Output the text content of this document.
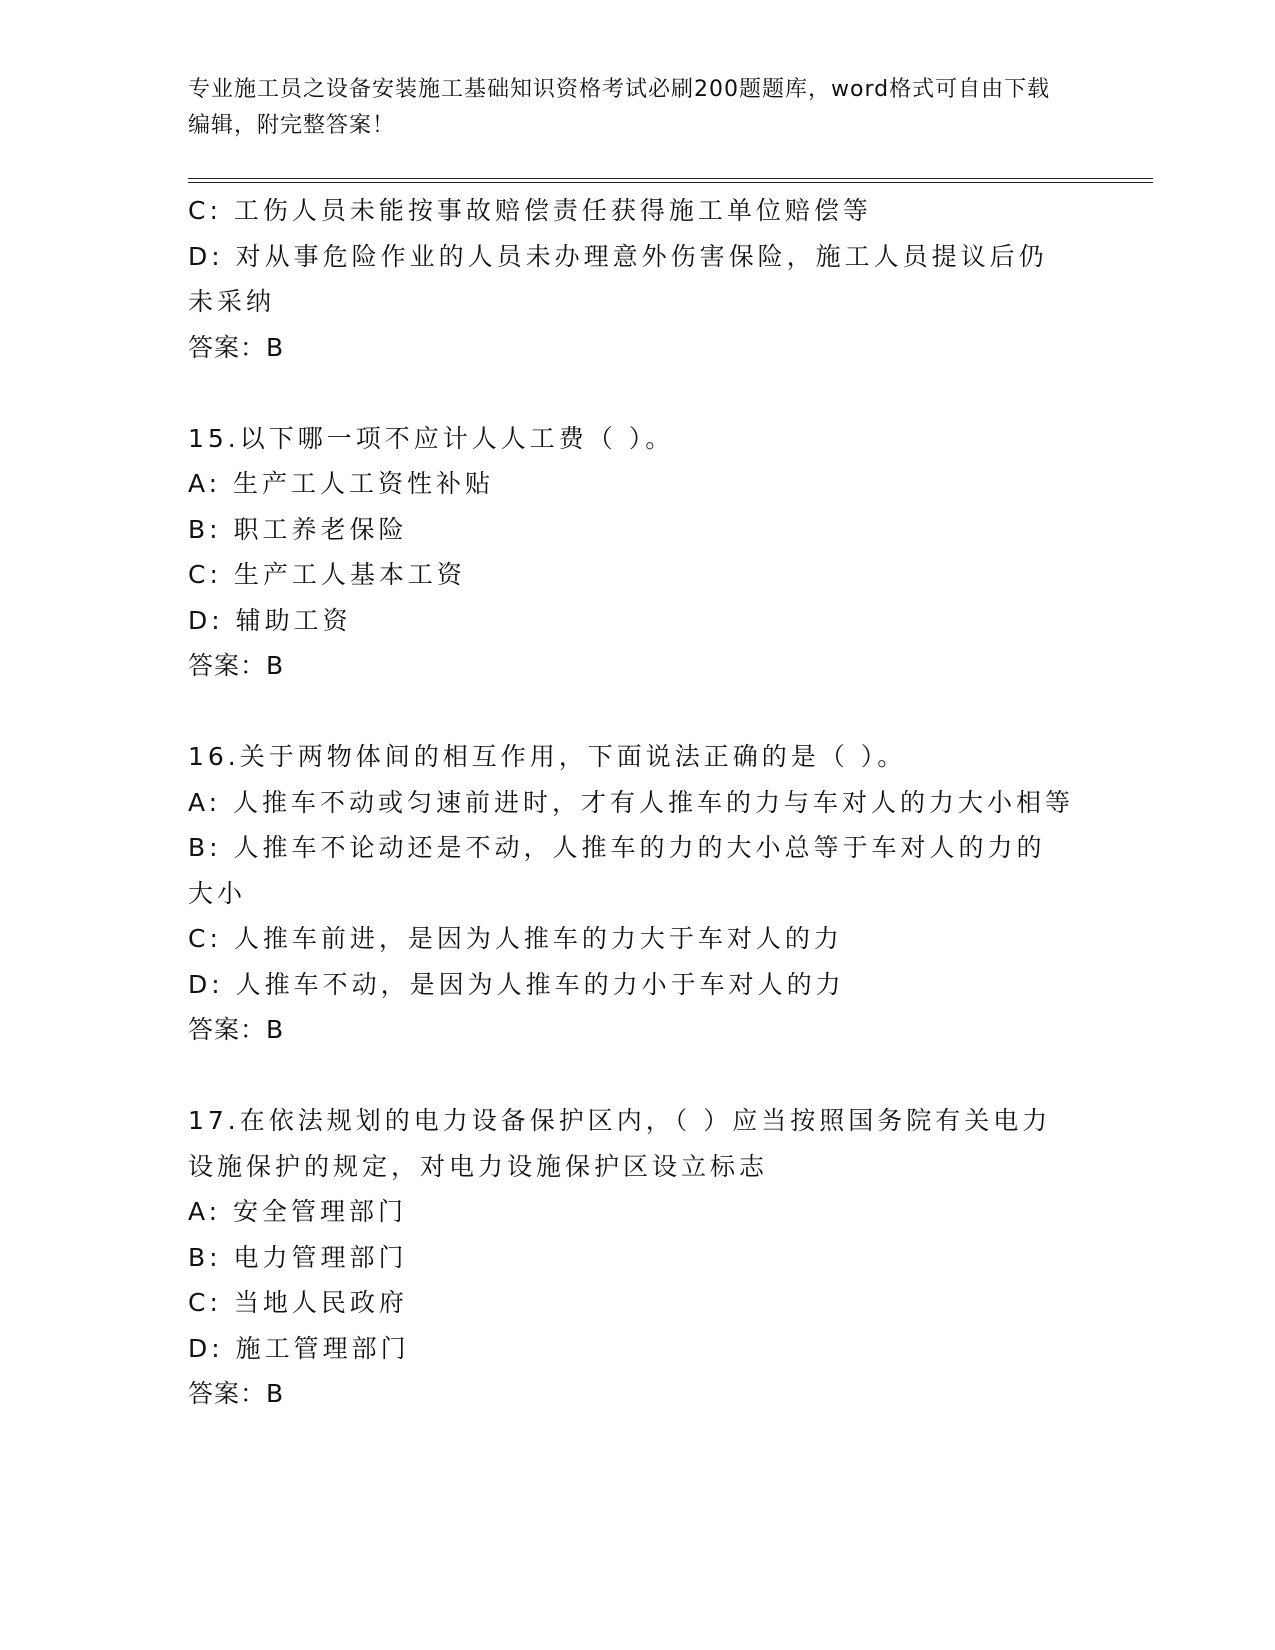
专业施工员之设备安装施工基础知识资格考试必刷200题题库，word格式可自由下载编辑，附完整答案！
C: 工伤人员未能按事故赔偿责任获得施工单位赔偿等
D: 对从事危险作业的人员未办理意外伤害保险，施工人员提议后仍未采纳
答案：B
15.以下哪一项不应计人人工费（ ）。
A: 生产工人工资性补贴
B: 职工养老保险
C: 生产工人基本工资
D: 辅助工资
答案：B
16.关于两物体间的相互作用，下面说法正确的是（ ）。
A: 人推车不动或匀速前进时，才有人推车的力与车对人的力大小相等
B: 人推车不论动还是不动，人推车的力的大小总等于车对人的力的大小
C: 人推车前进，是因为人推车的力大于车对人的力
D: 人推车不动，是因为人推车的力小于车对人的力
答案：B
17.在依法规划的电力设备保护区内，（ ）应当按照国务院有关电力设施保护的规定，对电力设施保护区设立标志
A: 安全管理部门
B: 电力管理部门
C: 当地人民政府
D: 施工管理部门
答案：B
